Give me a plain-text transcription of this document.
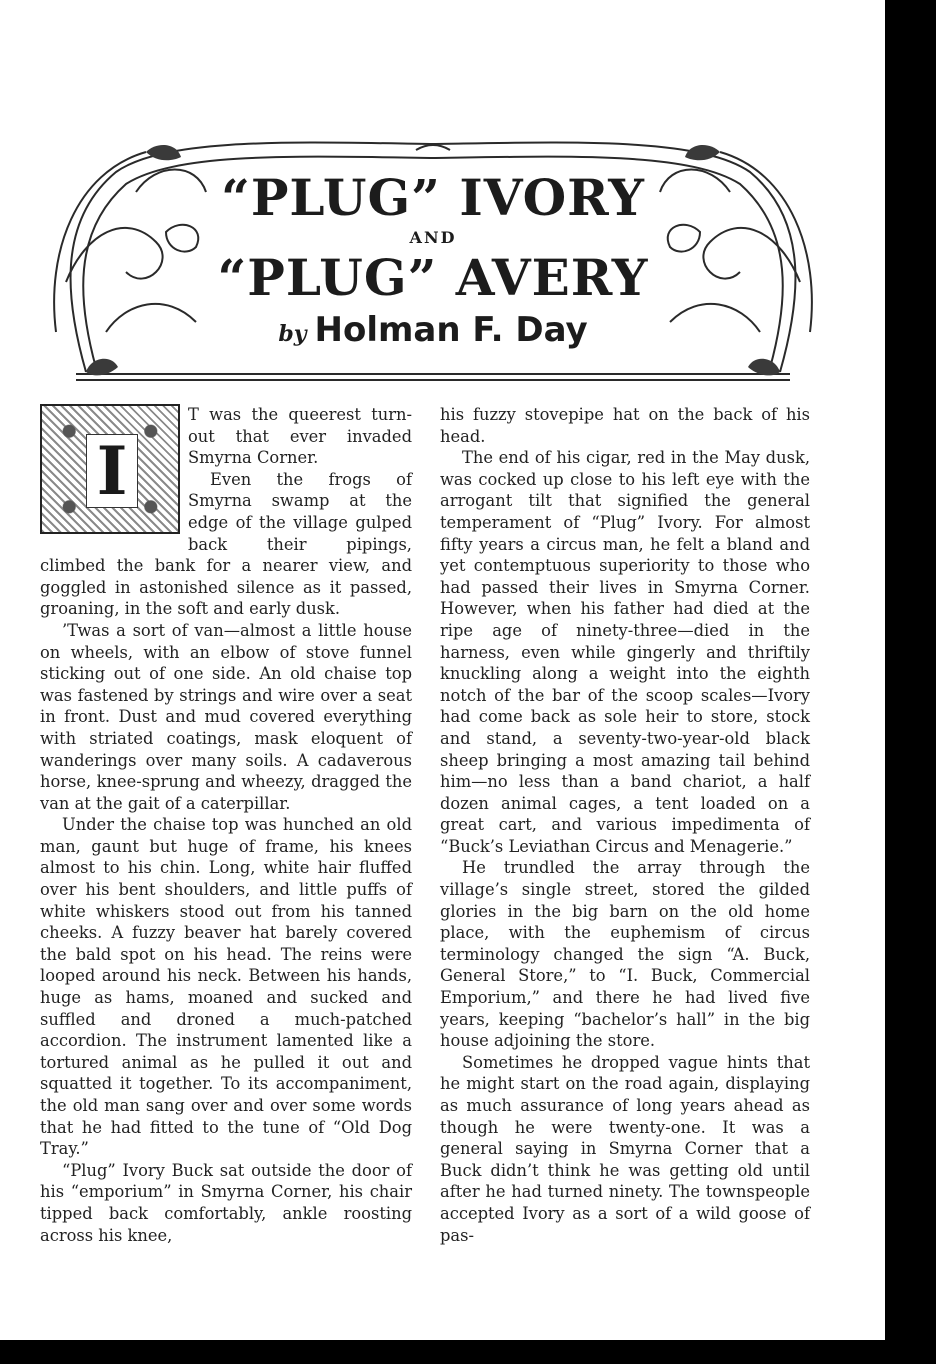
“PLUG” IVORY
AND
“PLUG” AVERY
by Holman F. Day
I

T was the queerest turn-out that ever invaded Smyrna Corner.

Even the frogs of Smyrna swamp at the edge of the village gulped back their pipings, climbed the bank for a nearer view, and goggled in astonished silence as it passed, groaning, in the soft and early dusk.

’Twas a sort of van—almost a little house on wheels, with an elbow of stove funnel sticking out of one side. An old chaise top was fastened by strings and wire over a seat in front. Dust and mud covered everything with striated coatings, mask eloquent of wanderings over many soils. A cadaverous horse, knee-sprung and wheezy, dragged the van at the gait of a caterpillar.

Under the chaise top was hunched an old man, gaunt but huge of frame, his knees almost to his chin. Long, white hair fluffed over his bent shoulders, and little puffs of white whiskers stood out from his tanned cheeks. A fuzzy beaver hat barely covered the bald spot on his head. The reins were looped around his neck. Between his hands, huge as hams, moaned and sucked and suffled and droned a much-patched accordion. The instrument lamented like a tortured animal as he pulled it out and squatted it together. To its accompaniment, the old man sang over and over some words that he had fitted to the tune of “Old Dog Tray.”

“Plug” Ivory Buck sat outside the door of his “emporium” in Smyrna Corner, his chair tipped back comfortably, ankle roosting across his knee,

his fuzzy stovepipe hat on the back of his head.

The end of his cigar, red in the May dusk, was cocked up close to his left eye with the arrogant tilt that signified the general temperament of “Plug” Ivory. For almost fifty years a circus man, he felt a bland and yet contemptuous superiority to those who had passed their lives in Smyrna Corner. However, when his father had died at the ripe age of ninety-three—died in the harness, even while gingerly and thriftily knuckling along a weight into the eighth notch of the bar of the scoop scales—Ivory had come back as sole heir to store, stock and stand, a seventy-two-year-old black sheep bringing a most amazing tail behind him—no less than a band chariot, a half dozen animal cages, a tent loaded on a great cart, and various impedimenta of “Buck’s Leviathan Circus and Menagerie.”

He trundled the array through the village’s single street, stored the gilded glories in the big barn on the old home place, with the euphemism of circus terminology changed the sign “A. Buck, General Store,” to “I. Buck, Commercial Emporium,” and there he had lived five years, keeping “bachelor’s hall” in the big house adjoining the store.

Sometimes he dropped vague hints that he might start on the road again, displaying as much assurance of long years ahead as though he were twenty-one. It was a general saying in Smyrna Corner that a Buck didn’t think he was getting old until after he had turned ninety. The townspeople accepted Ivory as a sort of a wild goose of pas-
